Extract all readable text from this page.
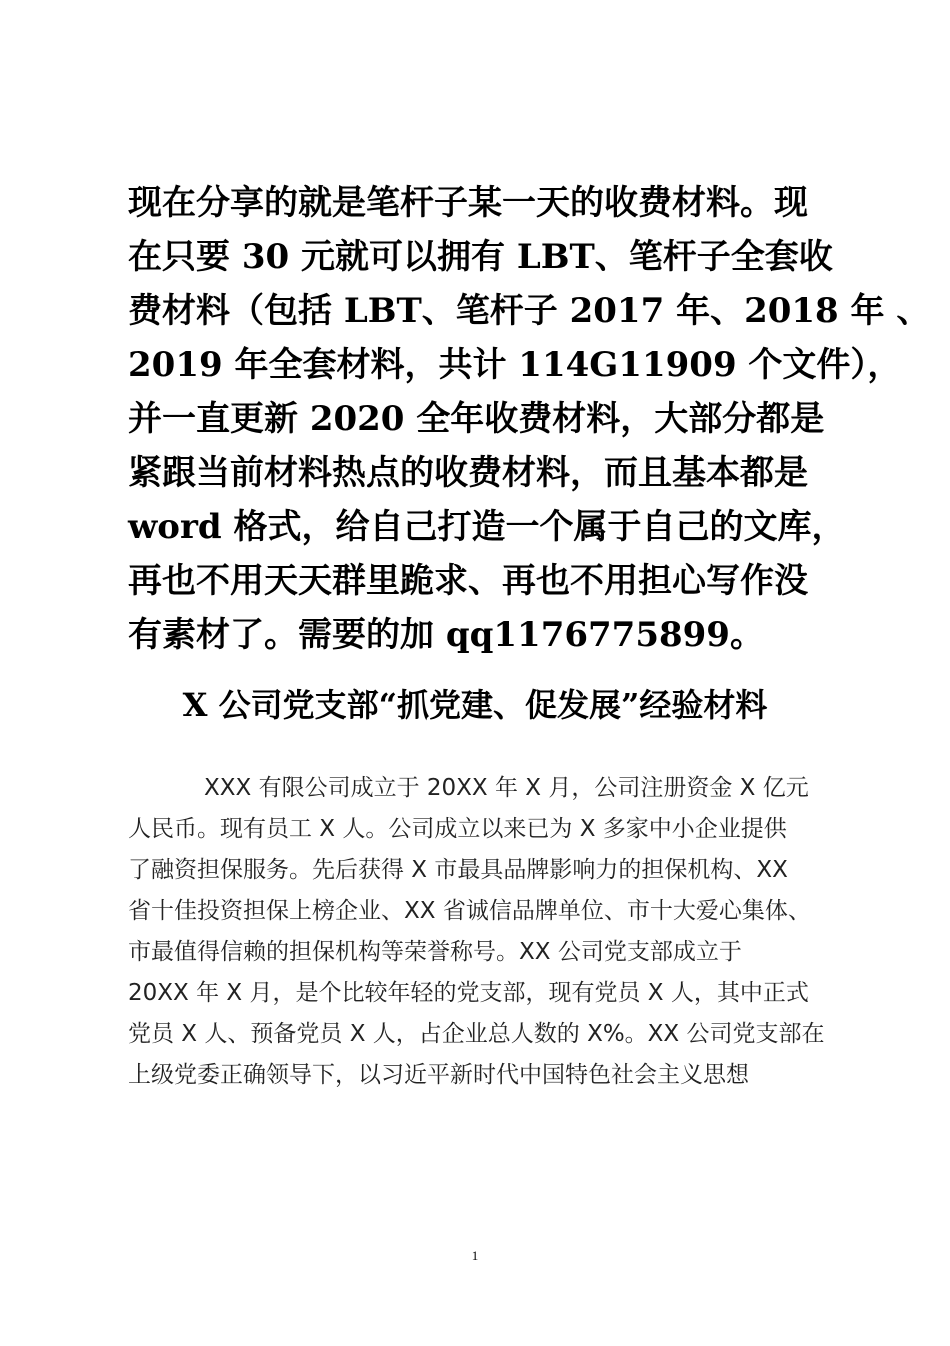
现在分享的就是笔杆子某一天的收费材料。现
在只要 30 元就可以拥有 LBT、笔杆子全套收
费材料（包括 LBT、笔杆子 2017 年、2018 年 、
2019 年全套材料，共计 114G11909 个文件），
并一直更新 2020 全年收费材料，大部分都是
紧跟当前材料热点的收费材料，而且基本都是
word 格式，给自己打造一个属于自己的文库，
再也不用天天群里跪求、再也不用担心写作没
有素材了。需要的加 qq1176775899。
X 公司党支部“抓党建、促发展”经验材料
XXX 有限公司成立于 20XX 年 X 月，公司注册资金 X 亿元
人民币。现有员工 X 人。公司成立以来已为 X 多家中小企业提供
了融资担保服务。先后获得 X 市最具品牌影响力的担保机构、XX
省十佳投资担保上榜企业、XX 省诚信品牌单位、市十大爱心集体、
市最值得信赖的担保机构等荣誉称号。XX 公司党支部成立于
20XX 年 X 月，是个比较年轻的党支部，现有党员 X 人，其中正式
党员 X 人、预备党员 X 人，占企业总人数的 X%。XX 公司党支部在
上级党委正确领导下，以习近平新时代中国特色社会主义思想
1
